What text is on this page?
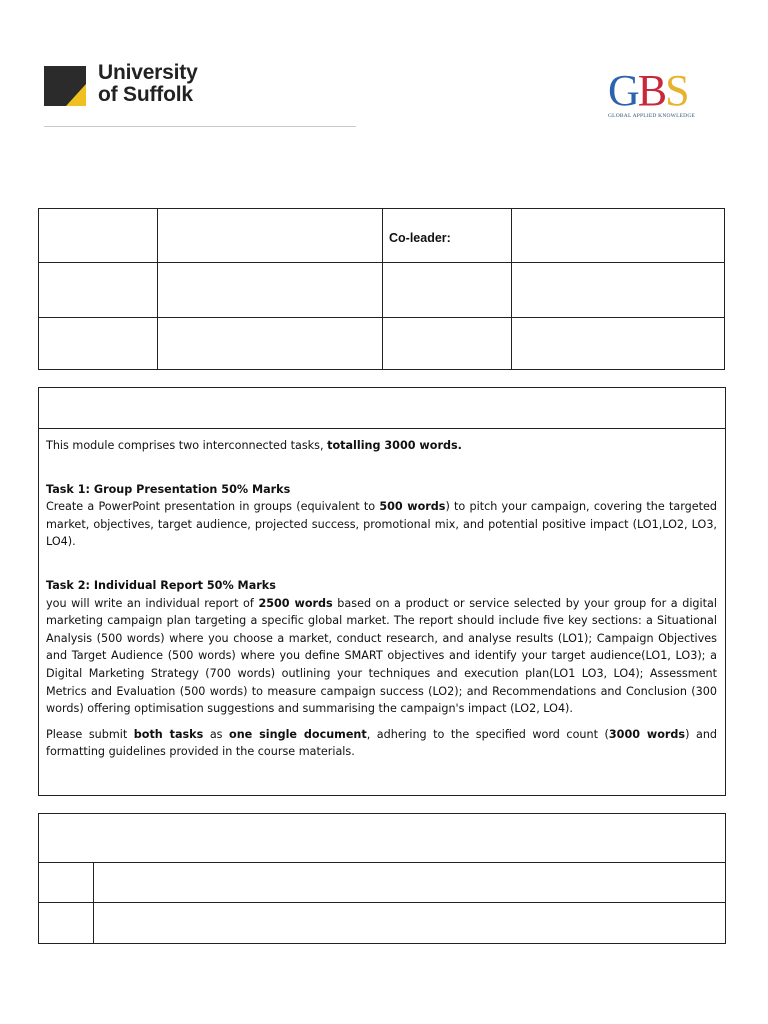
University
of Suffolk	GBS
GLOBAL APPLIED KNOWLEDGE
		Co-leader:	

This module comprises two interconnected tasks, totalling 3000 words.

Task 1: Group Presentation 50% Marks

Create a PowerPoint presentation in groups (equivalent to 500 words) to pitch your campaign, covering the targeted market, objectives, target audience, projected success, promotional mix, and potential positive impact (LO1,LO2, LO3, LO4).

Task 2: Individual Report 50% Marks

you will write an individual report of 2500 words based on a product or service selected by your group for a digital marketing campaign plan targeting a specific global market. The report should include five key sections: a Situational Analysis (500 words) where you choose a market, conduct research, and analyse results (LO1); Campaign Objectives and Target Audience (500 words) where you define SMART objectives and identify your target audience(LO1, LO3); a Digital Marketing Strategy (700 words) outlining your techniques and execution plan(LO1 LO3, LO4); Assessment Metrics and Evaluation (500 words) to measure campaign success (LO2); and Recommendations and Conclusion (300 words) offering optimisation suggestions and summarising the campaign's impact (LO2, LO4).

Please submit both tasks as one single document, adhering to the specified word count (3000 words) and formatting guidelines provided in the course materials.
